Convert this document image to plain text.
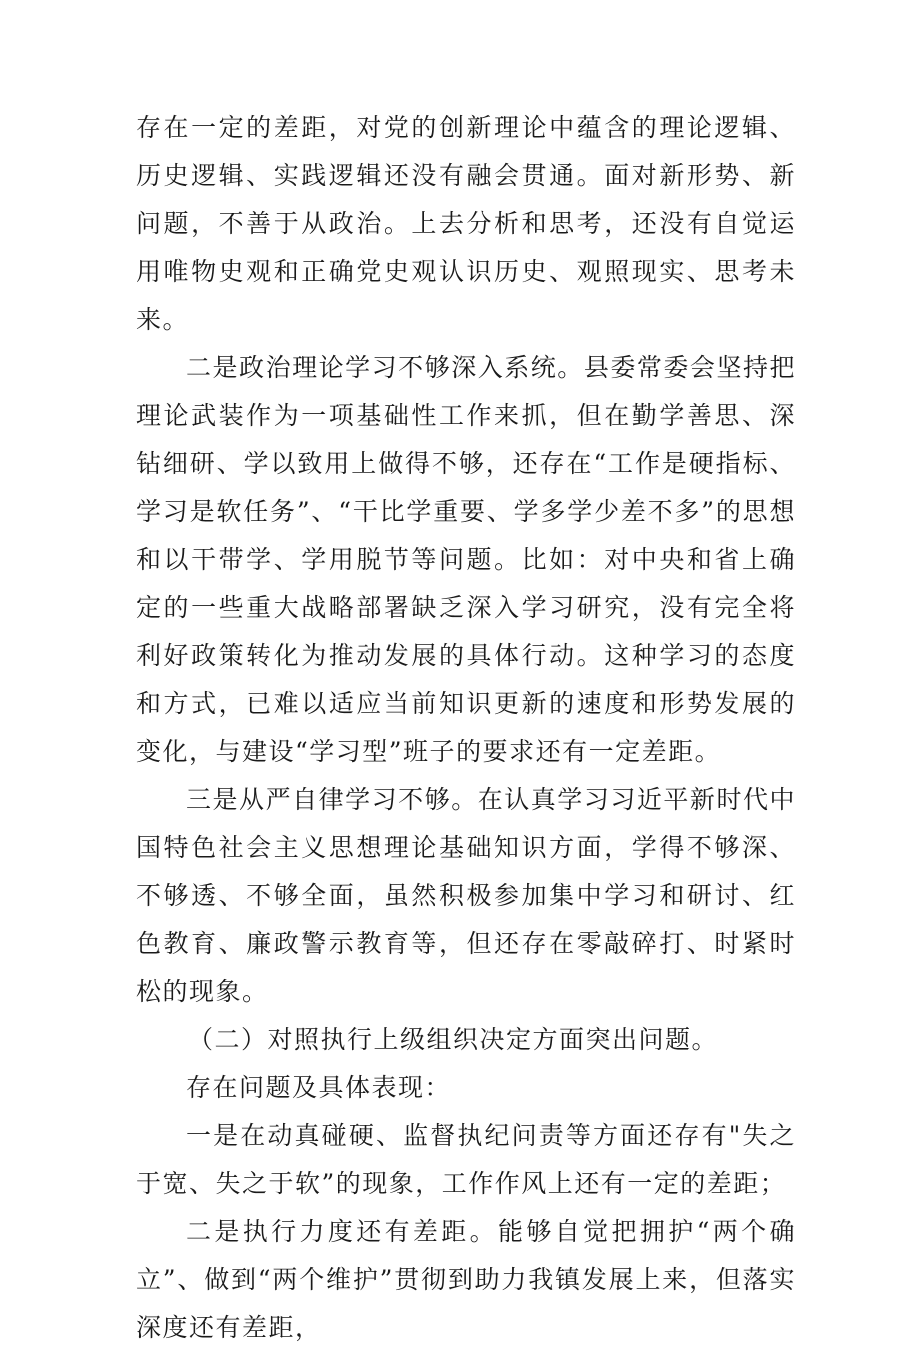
存在一定的差距，对党的创新理论中蕴含的理论逻辑、历史逻辑、实践逻辑还没有融会贯通。面对新形势、新问题，不善于从政治。上去分析和思考，还没有自觉运用唯物史观和正确党史观认识历史、观照现实、思考未来。

二是政治理论学习不够深入系统。县委常委会坚持把理论武装作为一项基础性工作来抓，但在勤学善思、深钻细研、学以致用上做得不够，还存在“工作是硬指标、学习是软任务”、“干比学重要、学多学少差不多”的思想和以干带学、学用脱节等问题。比如：对中央和省上确定的一些重大战略部署缺乏深入学习研究，没有完全将利好政策转化为推动发展的具体行动。这种学习的态度和方式，已难以适应当前知识更新的速度和形势发展的变化，与建设“学习型”班子的要求还有一定差距。

三是从严自律学习不够。在认真学习习近平新时代中国特色社会主义思想理论基础知识方面，学得不够深、不够透、不够全面，虽然积极参加集中学习和研讨、红色教育、廉政警示教育等，但还存在零敲碎打、时紧时松的现象。

（二）对照执行上级组织决定方面突出问题。

存在问题及具体表现：

一是在动真碰硬、监督执纪问责等方面还存有"失之于宽、失之于软”的现象，工作作风上还有一定的差距；

二是执行力度还有差距。能够自觉把拥护“两个确立”、做到“两个维护”贯彻到助力我镇发展上来，但落实深度还有差距，
